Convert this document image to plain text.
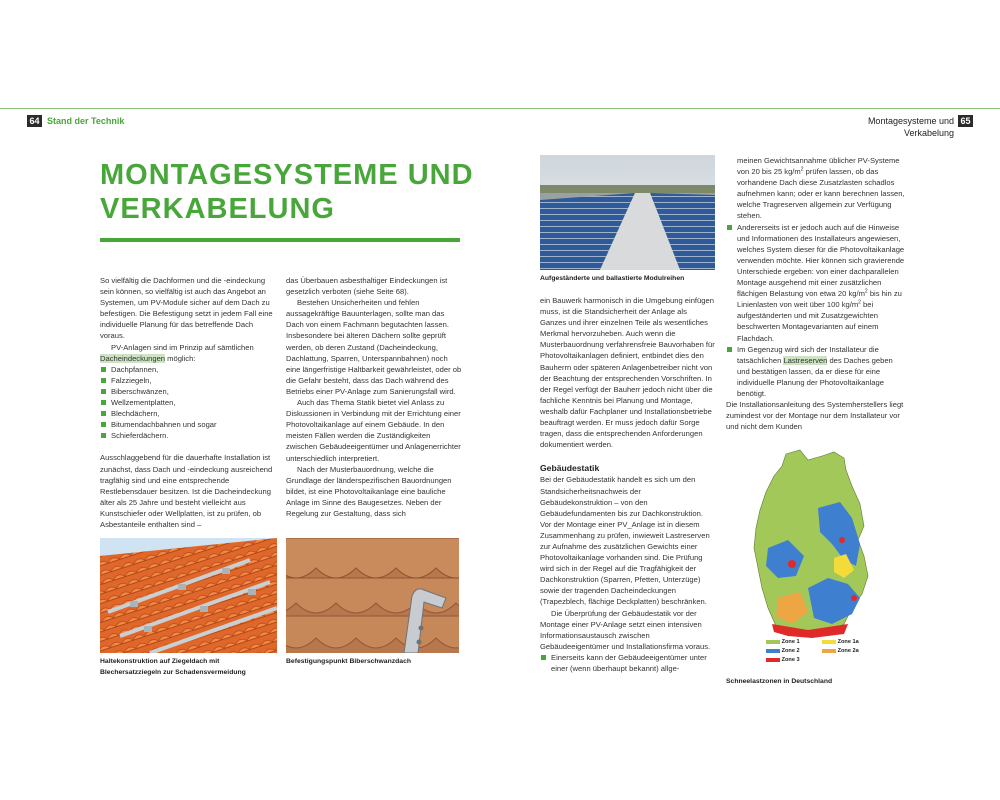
64 Stand der Technik	Montagesysteme und Verkabelung
65
MONTAGESYSTEME UND
VERKABELUNG

So vielfältig die Dachformen und die -eindeckung sein können, so vielfältig ist auch das Angebot an Systemen, um PV-Module sicher auf dem Dach zu befestigen. Die Befestigung setzt in jedem Fall eine individuelle Planung für das betreffende Dach voraus.

PV-Anlagen sind im Prinzip auf sämtlichen Dacheindeckungen möglich:

Dachpfannen,
Falzziegeln,
Biberschwänzen,
Wellzementplatten,
Blechdächern,
Bitumendachbahnen und sogar
Schieferdächern.

Ausschlaggebend für die dauerhafte Installation ist zunächst, dass Dach und -eindeckung ausreichend tragfähig sind und eine entsprechende Restlebensdauer besitzen. Ist die Dacheindeckung älter als 25 Jahre und besteht vielleicht aus Kunstschiefer oder Wellplatten, ist zu prüfen, ob Asbestanteile enthalten sind –

das Überbauen asbesthaltiger Eindeckungen ist gesetzlich verboten (siehe Seite 68).

Bestehen Unsicherheiten und fehlen aussagekräftige Bauunterlagen, sollte man das Dach von einem Fachmann begutachten lassen. Insbesondere bei älteren Dächern sollte geprüft werden, ob deren Zustand (Dacheindeckung, Dachlattung, Sparren, Unterspannbahnen) noch eine längerfristige Haltbarkeit gewährleistet, oder ob die Gefahr besteht, dass das Dach während des Betriebs einer PV-Anlage zum Sanierungsfall wird.

Auch das Thema Statik bietet viel Anlass zu Diskussionen in Verbindung mit der Errichtung einer Photovoltaikanlage auf einem Gebäude. In den meisten Fällen werden die Zuständigkeiten zwischen Gebäudeeigentümer und Anlagenerrichter unterschiedlich interpretiert.

Nach der Musterbauordnung, welche die Grundlage der länderspezifischen Bauordnungen bildet, ist eine Photovoltaikanlage eine bauliche Anlage im Sinne des Baugesetzes. Neben der Regelung zur Gestaltung, dass sich

Haltekonstruktion auf Ziegeldach mit Blechersatzziegeln zur Schadensvermeidung
Befestigungspunkt Biberschwanzdach
Aufgeständerte und ballastierte Modulreihen

ein Bauwerk harmonisch in die Umgebung einfügen muss, ist die Standsicherheit der Anlage als Ganzes und ihrer einzelnen Teile als wesentliches Merkmal hervorzuheben. Auch wenn die Musterbauordnung verfahrensfreie Bauvorhaben für Photovoltaikanlagen definiert, entbindet dies den Bauherrn oder späteren Anlagenbetreiber nicht von der Beachtung der entsprechenden Vorschriften. In der Regel verfügt der Bauherr jedoch nicht über die fachliche Kenntnis bei Planung und Montage, weshalb dafür Fachplaner und Installationsbetriebe beauftragt werden. Er muss jedoch dafür Sorge tragen, dass die entsprechenden Anforderungen dokumentiert werden.

Gebäudestatik

Bei der Gebäudestatik handelt es sich um den Standsicherheitsnachweis der Gebäudekonstruktion – von den Gebäudefundamenten bis zur Dachkonstruktion. Vor der Montage einer PV_Anlage ist in diesem Zusammenhang zu prüfen, inwieweit Lastreserven zur Aufnahme des zusätzlichen Gewichts einer Photovoltaikanlage vorhanden sind. Die Prüfung wird sich in der Regel auf die Tragfähigkeit der Dachkonstruktion (Sparren, Pfetten, Unterzüge) sowie der tragenden Dacheindeckungen (Trapezblech, flächige Deckplatten) beschränken.

Die Überprüfung der Gebäudestatik vor der Montage einer PV-Anlage setzt einen intensiven Informationsaustausch zwischen Gebäudeeigentümer und Installationsfirma voraus.

Einerseits kann der Gebäudeeigentümer unter einer (wenn überhaupt bekannt) allge-

meinen Gewichtsannahme üblicher PV-Systeme von 20 bis 25 $kg/m^2$ prüfen lassen, ob das vorhandene Dach diese Zusatzlasten schadlos aufnehmen kann; oder er kann berechnen lassen, welche Tragreserven allgemein zur Verfügung stehen.

Andererseits ist er jedoch auch auf die Hinweise und Informationen des Installateurs angewiesen, welches System dieser für die Photovoltaikanlage verwenden möchte. Hier können sich gravierende Unterschiede ergeben: von einer dachparallelen Montage ausgehend mit einer zusätzlichen flächigen Belastung von etwa 20 $kg/m^2$ bis hin zu Linienlasten von weit über 100 $kg/m^2$ bei aufgeständerten und mit Zusatzgewichten beschwerten Montagevarianten auf einem Flachdach.
Im Gegenzug wird sich der Installateur die tatsächlichen Lastreserven des Daches geben und bestätigen lassen, da er diese für eine individuelle Planung der Photovoltaikanlage benötigt.

Die Installationsanleitung des Systemherstellers liegt zumindest vor der Montage nur dem Installateur vor und nicht dem Kunden

Zone 1
Zone 2
Zone 3
Zone 1a
Zone 2a
Schneelastzonen in Deutschland
